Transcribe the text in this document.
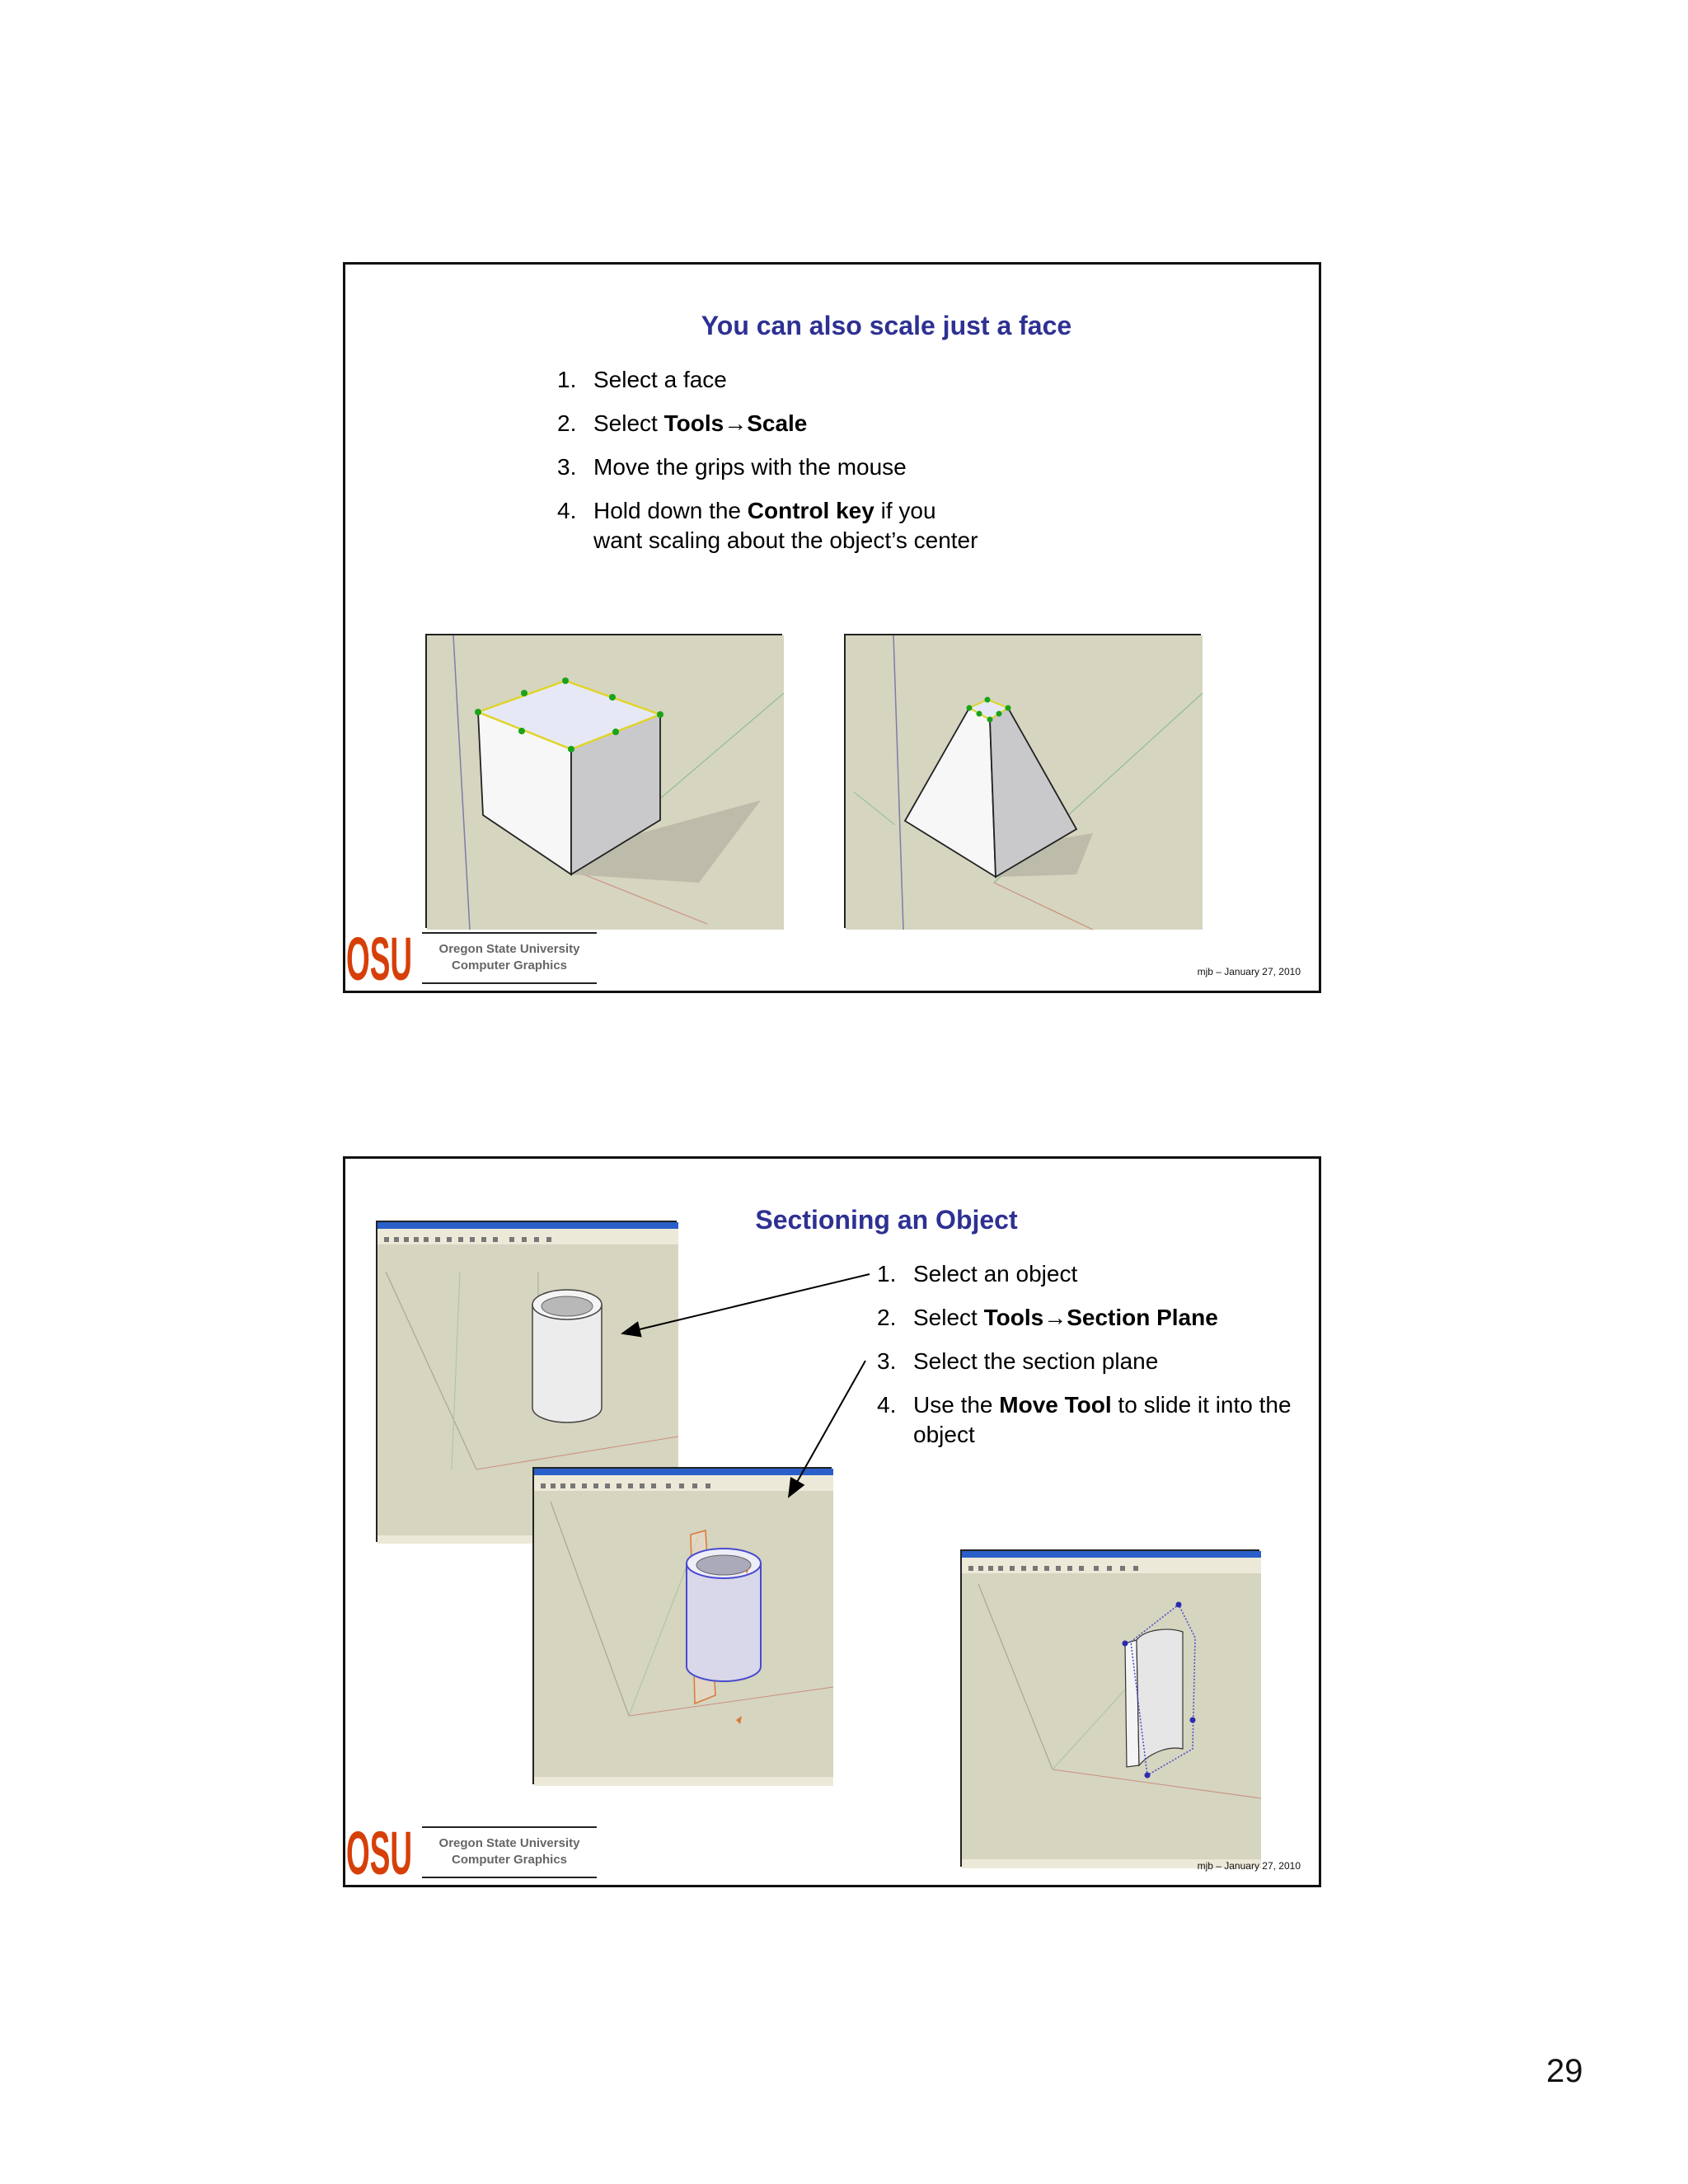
You can also scale just a face
1. Select a face
2. Select Tools→Scale
3. Move the grips with the mouse
4. Hold down the Control key if you want scaling about the object’s center
OSU	Oregon State University
Computer Graphics	mjb – January 27, 2010
Sectioning an Object
1. Select an object
2. Select Tools→Section Plane
3. Select the section plane
4. Use the Move Tool to slide it into the object
OSU	Oregon State University
Computer Graphics	mjb – January 27, 2010
29
